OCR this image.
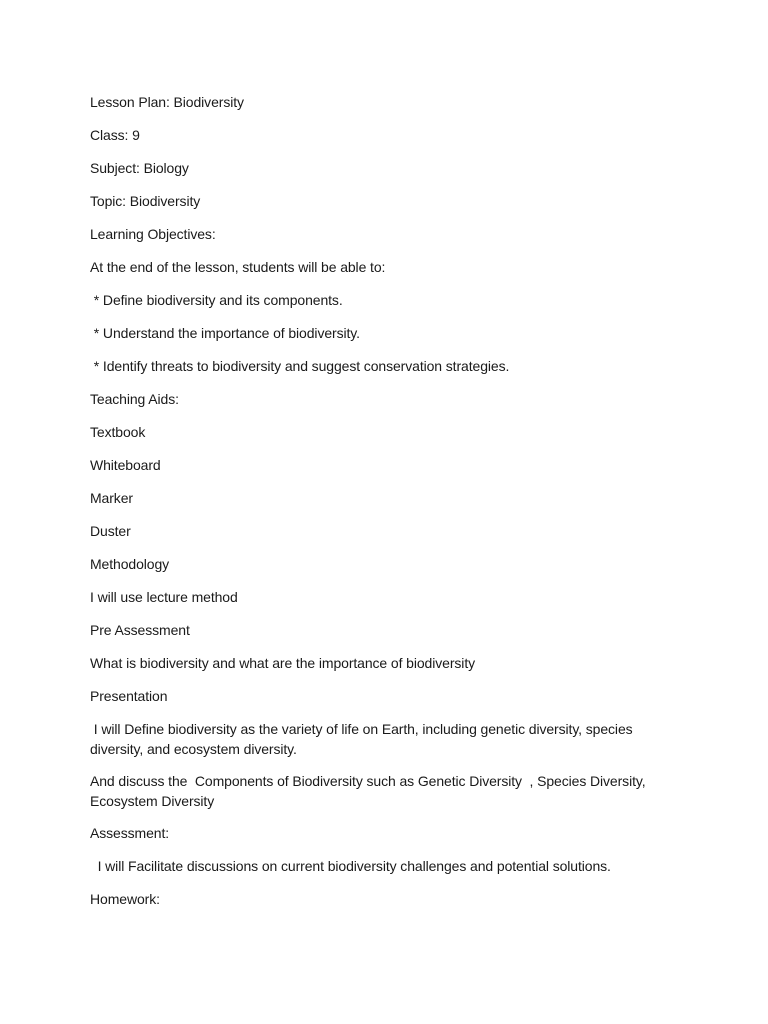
Lesson Plan: Biodiversity

Class: 9

Subject: Biology

Topic: Biodiversity

Learning Objectives:

At the end of the lesson, students will be able to:

* Define biodiversity and its components.

* Understand the importance of biodiversity.

* Identify threats to biodiversity and suggest conservation strategies.

Teaching Aids:

Textbook

Whiteboard

Marker

Duster

Methodology

I will use lecture method

Pre Assessment

What is biodiversity and what are the importance of biodiversity

Presentation

I will Define biodiversity as the variety of life on Earth, including genetic diversity, species diversity, and ecosystem diversity.

And discuss the  Components of Biodiversity such as Genetic Diversity  , Species Diversity, Ecosystem Diversity

Assessment:

I will Facilitate discussions on current biodiversity challenges and potential solutions.

Homework:
